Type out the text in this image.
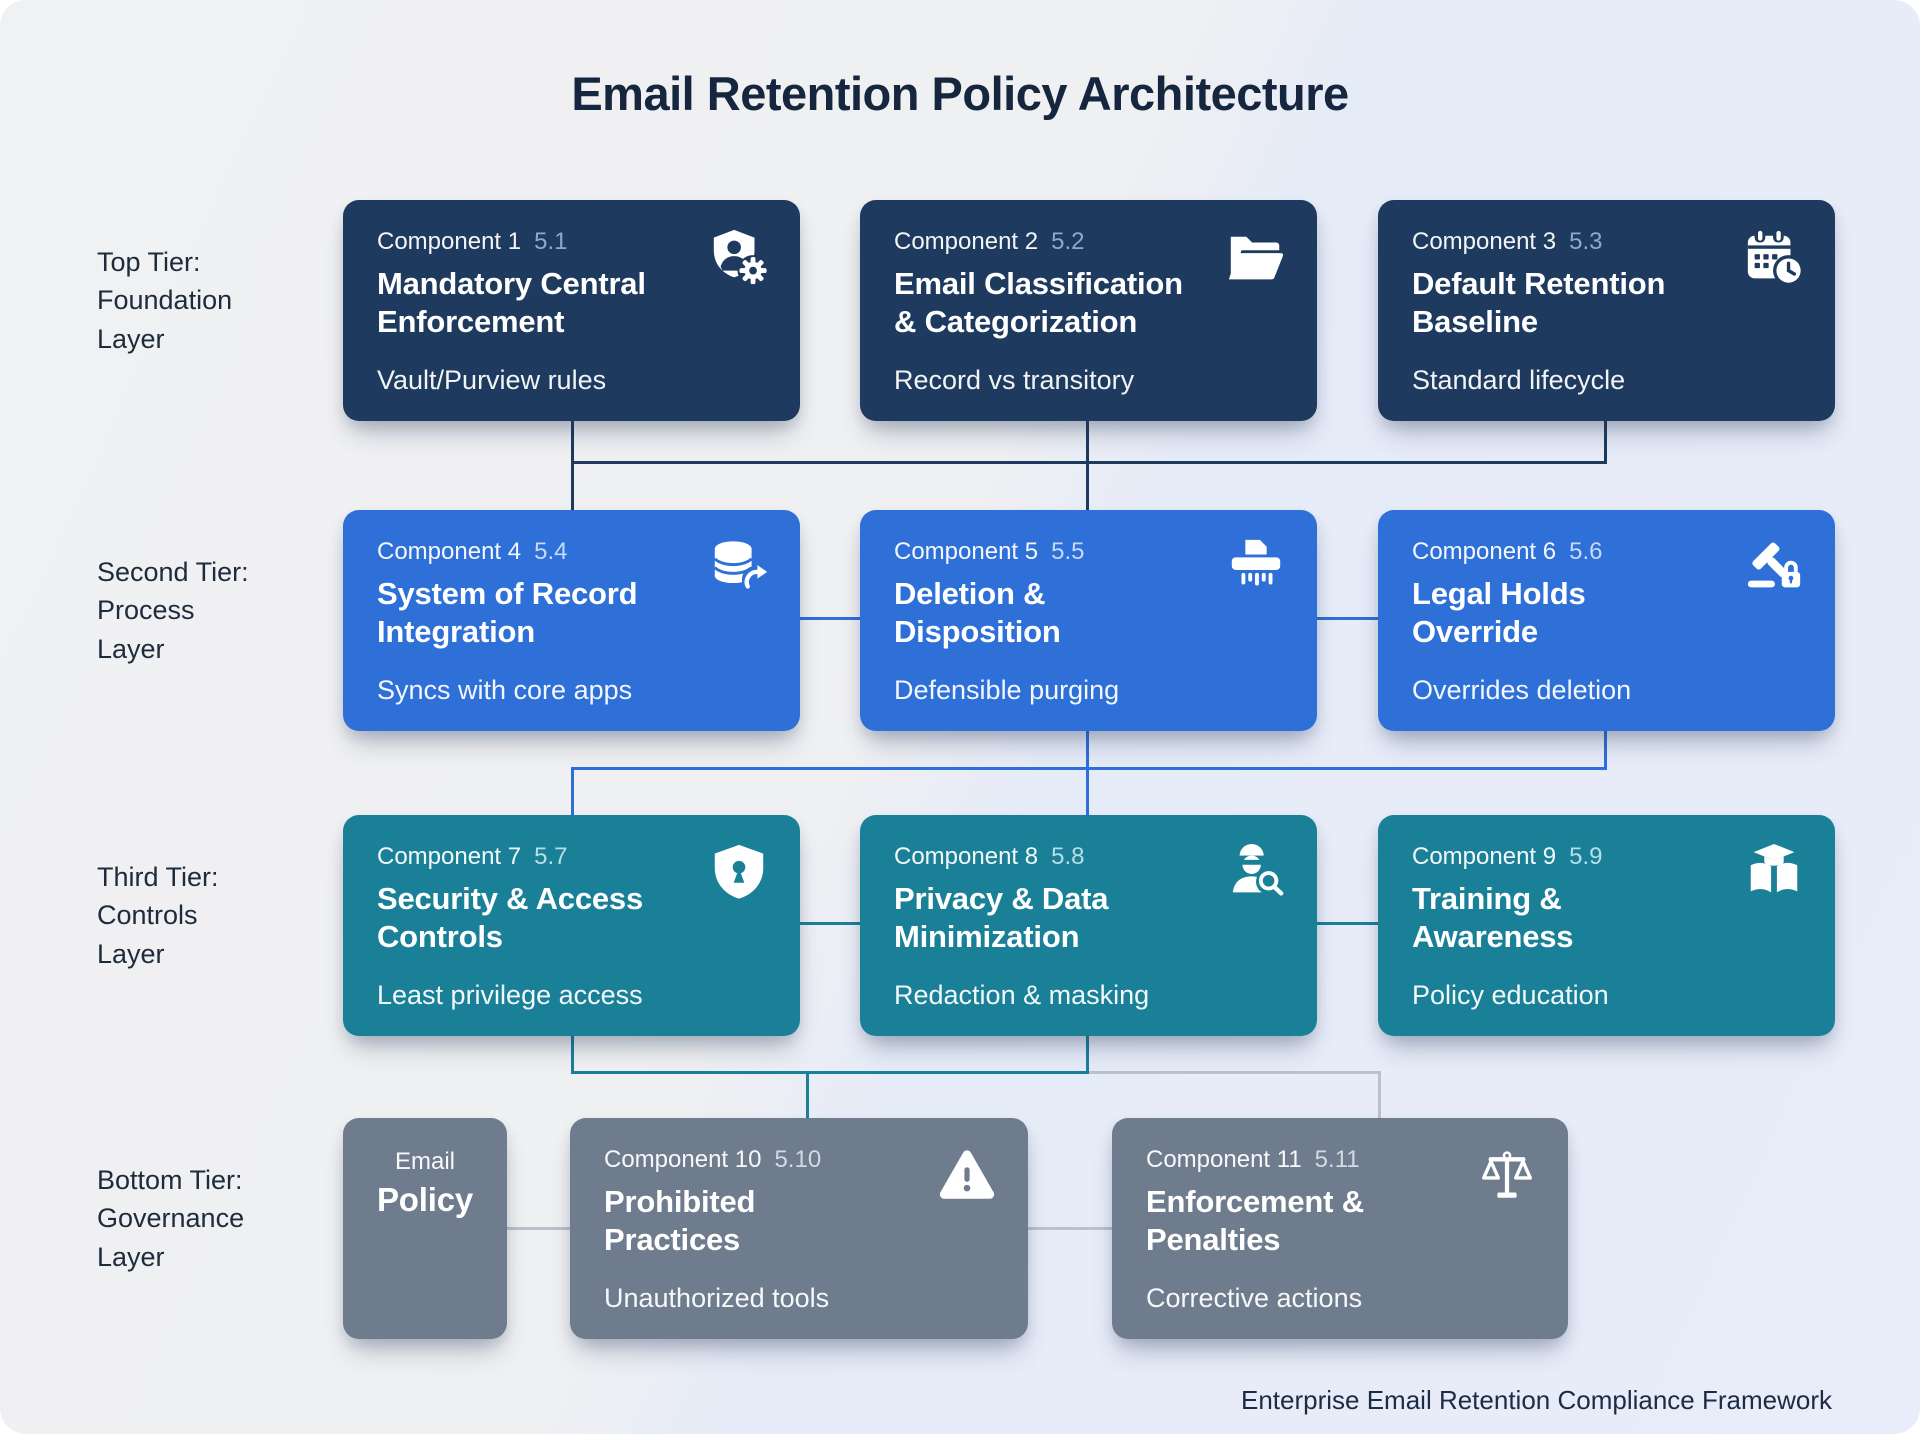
Email Retention Policy Architecture
Top Tier:
Foundation
Layer
Second Tier:
Process
Layer
Third Tier:
Controls
Layer
Bottom Tier:
Governance
Layer
Component 1 5.1
Mandatory Central
Enforcement
Vault/Purview rules
Component 2 5.2
Email Classification
& Categorization
Record vs transitory
Component 3 5.3
Default Retention
Baseline
Standard lifecycle
Component 4 5.4
System of Record
Integration
Syncs with core apps
Component 5 5.5
Deletion &
Disposition
Defensible purging
Component 6 5.6
Legal Holds
Override
Overrides deletion
Component 7 5.7
Security & Access
Controls
Least privilege access
Component 8 5.8
Privacy & Data
Minimization
Redaction & masking
Component 9 5.9
Training &
Awareness
Policy education
Email
Policy
Component 10 5.10
Prohibited
Practices
Unauthorized tools
Component 11 5.11
Enforcement &
Penalties
Corrective actions
Enterprise Email Retention Compliance Framework
